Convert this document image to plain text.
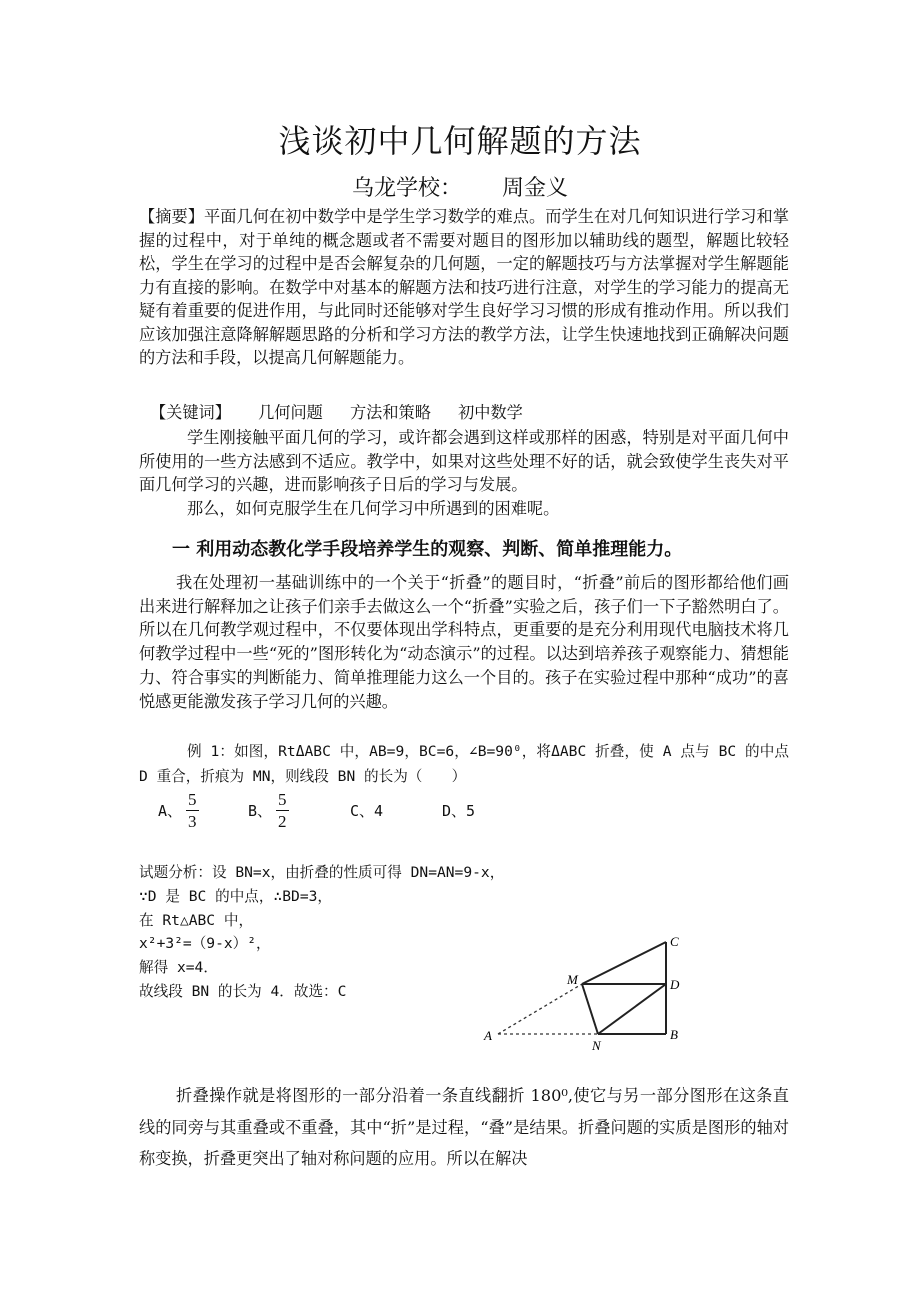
浅谈初中几何解题的方法
乌龙学校： 周金义

【摘要】平面几何在初中数学中是学生学习数学的难点。而学生在对几何知识进行学习和掌握的过程中，对于单纯的概念题或者不需要对题目的图形加以辅助线的题型，解题比较轻松，学生在学习的过程中是否会解复杂的几何题，一定的解题技巧与方法掌握对学生解题能力有直接的影响。在数学中对基本的解题方法和技巧进行注意，对学生的学习能力的提高无疑有着重要的促进作用，与此同时还能够对学生良好学习习惯的形成有推动作用。所以我们应该加强注意降解解题思路的分析和学习方法的教学方法，让学生快速地找到正确解决问题的方法和手段，以提高几何解题能力。

【关键词】 几何问题 方法和策略 初中数学

学生刚接触平面几何的学习，或许都会遇到这样或那样的困惑，特别是对平面几何中所使用的一些方法感到不适应。教学中，如果对这些处理不好的话，就会致使学生丧失对平面几何学习的兴趣，进而影响孩子日后的学习与发展。

那么，如何克服学生在几何学习中所遇到的困难呢。

一 利用动态教化学手段培养学生的观察、判断、简单推理能力。

我在处理初一基础训练中的一个关于“折叠”的题目时，“折叠”前后的图形都给他们画出来进行解释加之让孩子们亲手去做这么一个“折叠”实验之后，孩子们一下子豁然明白了。所以在几何教学观过程中，不仅要体现出学科特点，更重要的是充分利用现代电脑技术将几何教学过程中一些“死的”图形转化为“动态演示”的过程。以达到培养孩子观察能力、猜想能力、符合事实的判断能力、简单推理能力这么一个目的。孩子在实验过程中那种“成功”的喜悦感更能激发孩子学习几何的兴趣。

例 1：如图，RtΔABC 中，AB=9，BC=6，∠B=90⁰，将ΔABC 折叠，使 A 点与 BC 的中点 D 重合，折痕为 MN，则线段 BN 的长为（　　）

A、 $\frac{5}{3}$	B、 $\frac{5}{2}$	C、4	D、5
试题分析：设 BN=x，由折叠的性质可得 DN=AN=9-x，
∵D 是 BC 的中点，∴BD=3，
在 Rt△ABC 中，
x²+3²=（9-x）²，
解得 x=4．
故线段 BN 的长为 4．故选：C
A
M
N
C
D
B

折叠操作就是将图形的一部分沿着一条直线翻折 180⁰,使它与另一部分图形在这条直线的同旁与其重叠或不重叠，其中“折”是过程，“叠”是结果。折叠问题的实质是图形的轴对称变换，折叠更突出了轴对称问题的应用。所以在解决
